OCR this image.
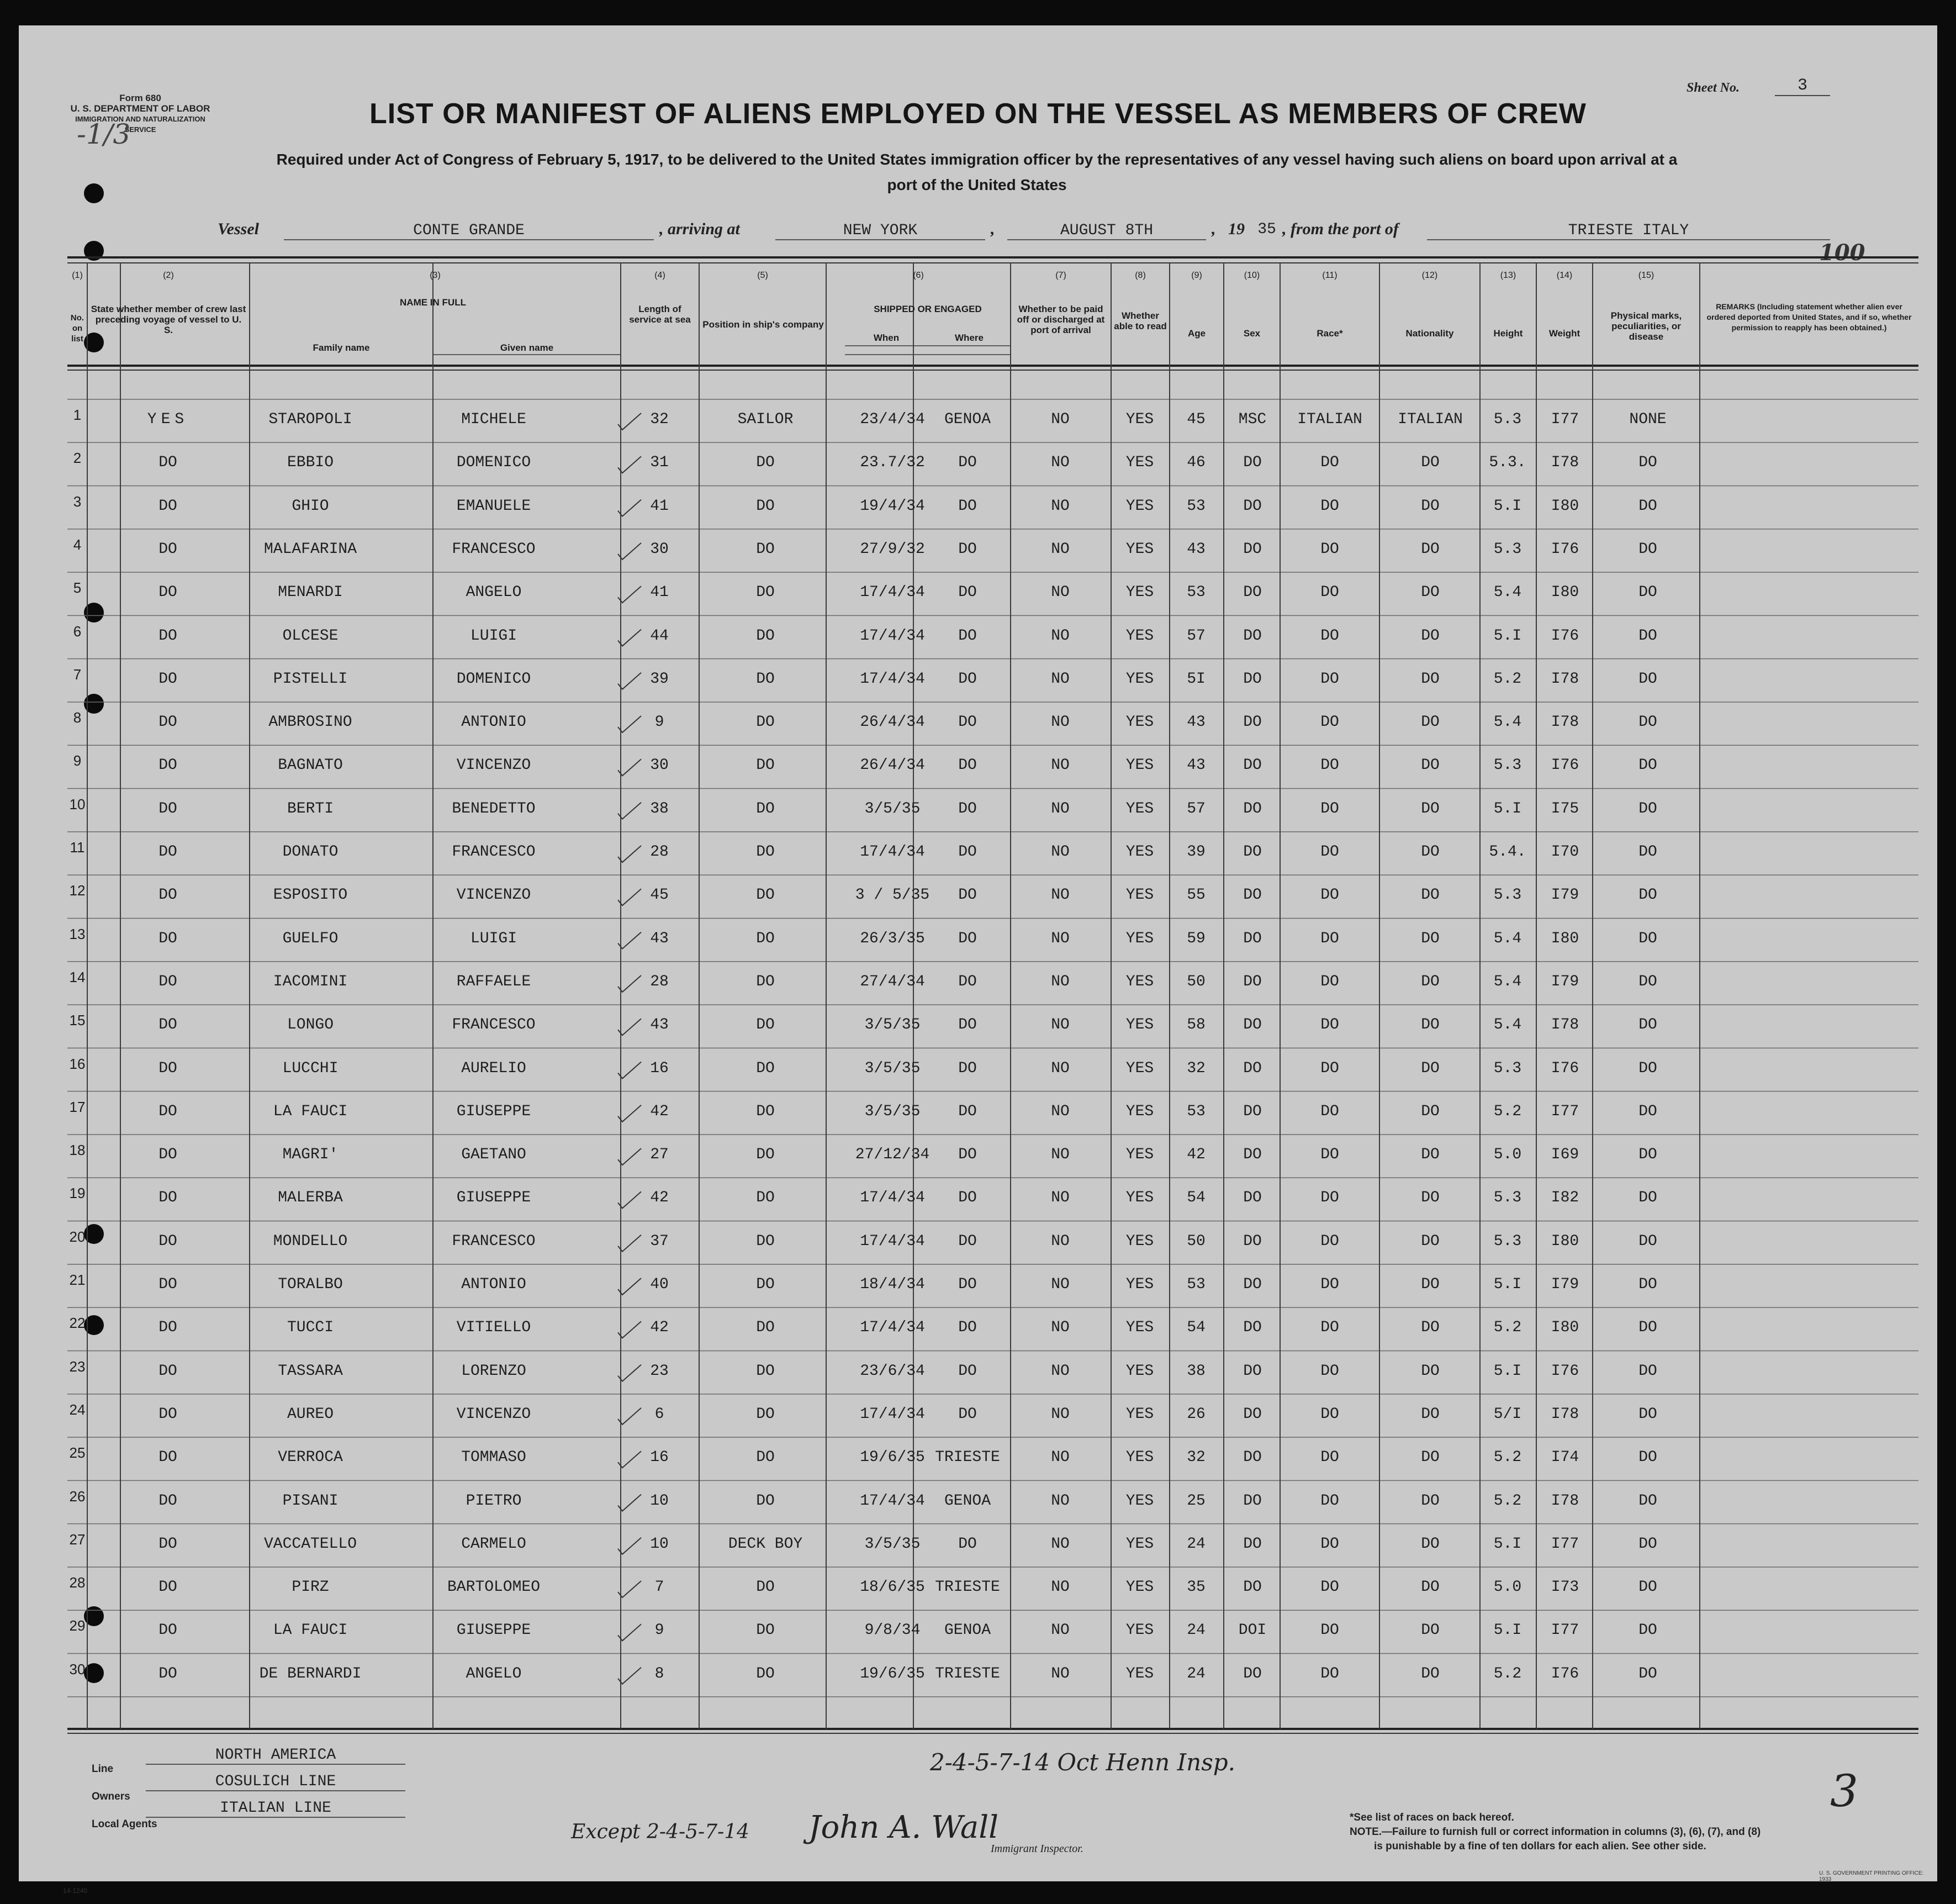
Form 680
U. S. DEPARTMENT OF LABOR
IMMIGRATION AND NATURALIZATION SERVICE
-1/3
LIST OR MANIFEST OF ALIENS EMPLOYED ON THE VESSEL AS MEMBERS OF CREW
Sheet No.	3
Required under Act of Congress of February 5, 1917, to be delivered to the United States immigration officer by the representatives of any vessel having such aliens on board upon arrival at a
port of the United States
Vessel	CONTE GRANDE	, arriving at	NEW YORK	,	AUGUST 8TH	, 19 35 , from the port of	TRIESTE ITALY
100
(1)	(2)	(3)	(4)	(5)	(6)	(7)	(8)	(9)	(10)	(11)	(12)	(13)	(14)	(15)
No. on list
State whether member of crew last preceding voyage of vessel to U. S.
NAME IN FULL
Family name	Given name
Length of service at sea	Position in ship's company
SHIPPED OR ENGAGED
When	Where
Whether to be paid off or discharged at port of arrival
Whether able to read
Age	Sex	Race*	Nationality	Height	Weight
Physical marks, peculiarities, or disease
REMARKS (Including statement whether alien ever ordered deported from United States, and if so, whether permission to reapply has been obtained.)
1	YES	STAROPOLI	MICHELE	32	SAILOR	23/4/34	GENOA	NO	YES	45	MSC	ITALIAN	ITALIAN	5.3	I77	NONE
2	DO	EBBIO	DOMENICO	31	DO	23.7/32	DO	NO	YES	46	DO	DO	DO	5.3.	I78	DO
3	DO	GHIO	EMANUELE	41	DO	19/4/34	DO	NO	YES	53	DO	DO	DO	5.I	I80	DO
4	DO	MALAFARINA	FRANCESCO	30	DO	27/9/32	DO	NO	YES	43	DO	DO	DO	5.3	I76	DO
5	DO	MENARDI	ANGELO	41	DO	17/4/34	DO	NO	YES	53	DO	DO	DO	5.4	I80	DO
6	DO	OLCESE	LUIGI	44	DO	17/4/34	DO	NO	YES	57	DO	DO	DO	5.I	I76	DO
7	DO	PISTELLI	DOMENICO	39	DO	17/4/34	DO	NO	YES	5I	DO	DO	DO	5.2	I78	DO
8	DO	AMBROSINO	ANTONIO	9	DO	26/4/34	DO	NO	YES	43	DO	DO	DO	5.4	I78	DO
9	DO	BAGNATO	VINCENZO	30	DO	26/4/34	DO	NO	YES	43	DO	DO	DO	5.3	I76	DO
10	DO	BERTI	BENEDETTO	38	DO	3/5/35	DO	NO	YES	57	DO	DO	DO	5.I	I75	DO
11	DO	DONATO	FRANCESCO	28	DO	17/4/34	DO	NO	YES	39	DO	DO	DO	5.4.	I70	DO
12	DO	ESPOSITO	VINCENZO	45	DO	3 / 5/35	DO	NO	YES	55	DO	DO	DO	5.3	I79	DO
13	DO	GUELFO	LUIGI	43	DO	26/3/35	DO	NO	YES	59	DO	DO	DO	5.4	I80	DO
14	DO	IACOMINI	RAFFAELE	28	DO	27/4/34	DO	NO	YES	50	DO	DO	DO	5.4	I79	DO
15	DO	LONGO	FRANCESCO	43	DO	3/5/35	DO	NO	YES	58	DO	DO	DO	5.4	I78	DO
16	DO	LUCCHI	AURELIO	16	DO	3/5/35	DO	NO	YES	32	DO	DO	DO	5.3	I76	DO
17	DO	LA FAUCI	GIUSEPPE	42	DO	3/5/35	DO	NO	YES	53	DO	DO	DO	5.2	I77	DO
18	DO	MAGRI'	GAETANO	27	DO	27/12/34	DO	NO	YES	42	DO	DO	DO	5.0	I69	DO
19	DO	MALERBA	GIUSEPPE	42	DO	17/4/34	DO	NO	YES	54	DO	DO	DO	5.3	I82	DO
20	DO	MONDELLO	FRANCESCO	37	DO	17/4/34	DO	NO	YES	50	DO	DO	DO	5.3	I80	DO
21	DO	TORALBO	ANTONIO	40	DO	18/4/34	DO	NO	YES	53	DO	DO	DO	5.I	I79	DO
22	DO	TUCCI	VITIELLO	42	DO	17/4/34	DO	NO	YES	54	DO	DO	DO	5.2	I80	DO
23	DO	TASSARA	LORENZO	23	DO	23/6/34	DO	NO	YES	38	DO	DO	DO	5.I	I76	DO
24	DO	AUREO	VINCENZO	6	DO	17/4/34	DO	NO	YES	26	DO	DO	DO	5/I	I78	DO
25	DO	VERROCA	TOMMASO	16	DO	19/6/35 TRIESTE	NO	YES	32	DO	DO	DO	5.2	I74	DO
26	DO	PISANI	PIETRO	10	DO	17/4/34	GENOA	NO	YES	25	DO	DO	DO	5.2	I78	DO
27	DO	VACCATELLO	CARMELO	10	DECK BOY	3/5/35	DO	NO	YES	24	DO	DO	DO	5.I	I77	DO
28	DO	PIRZ	BARTOLOMEO	7	DO	18/6/35 TRIESTE	NO	YES	35	DO	DO	DO	5.0	I73	DO
29	DO	LA FAUCI	GIUSEPPE	9	DO	9/8/34	GENOA	NO	YES	24	DOI	DO	DO	5.I	I77	DO
30	DO	DE BERNARDI	ANGELO	8	DO	19/6/35 TRIESTE	NO	YES	24	DO	DO	DO	5.2	I76	DO
Line
NORTH AMERICA
Owners
COSULICH LINE
Local Agents
ITALIAN LINE
14-1240
2-4-5-7-14 Oct Henn Insp.
Except 2-4-5-7-14 John A. Wall
Immigrant Inspector.
3
*See list of races on back hereof.
NOTE.—Failure to furnish full or correct information in columns (3), (6), (7), and (8)
is punishable by a fine of ten dollars for each alien. See other side.
U. S. GOVERNMENT PRINTING OFFICE: 1933
